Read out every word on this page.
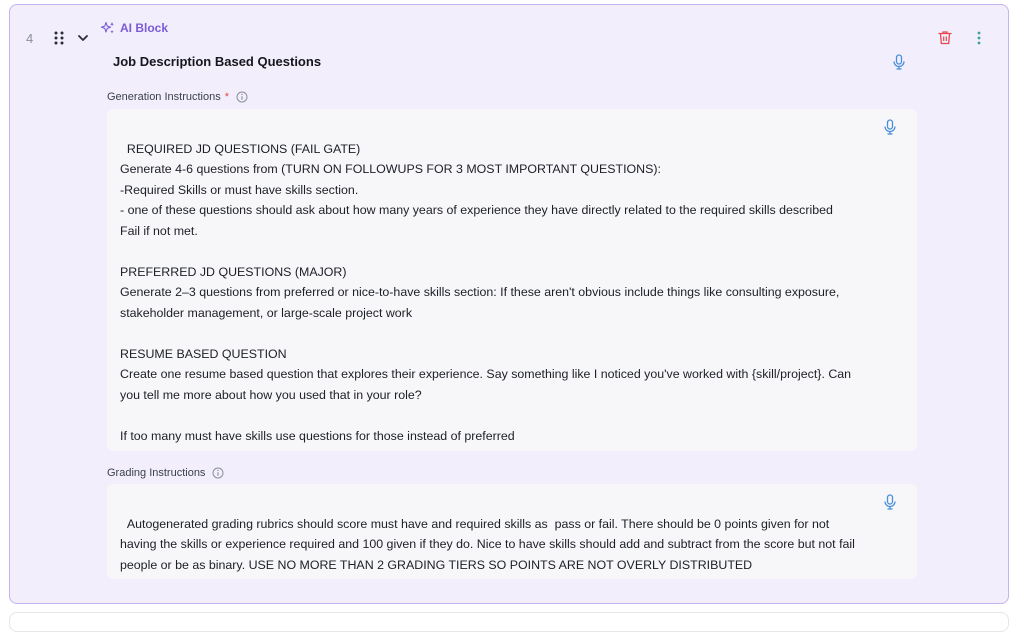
4
AI Block
Job Description Based Questions
Generation Instructions *

REQUIRED JD QUESTIONS (FAIL GATE)
Generate 4-6 questions from (TURN ON FOLLOWUPS FOR 3 MOST IMPORTANT QUESTIONS):
-Required Skills or must have skills section.
- one of these questions should ask about how many years of experience they have directly related to the required skills described
Fail if not met.

PREFERRED JD QUESTIONS (MAJOR)
Generate 2–3 questions from preferred or nice-to-have skills section: If these aren't obvious include things like consulting exposure, stakeholder management, or large-scale project work

RESUME BASED QUESTION
Create one resume based question that explores their experience. Say something like I noticed you've worked with {skill/project}. Can you tell me more about how you used that in your role?

If too many must have skills use questions for those instead of preferred

Grading Instructions

Autogenerated grading rubrics should score must have and required skills as  pass or fail. There should be 0 points given for not having the skills or experience required and 100 given if they do. Nice to have skills should add and subtract from the score but not fail people or be as binary. USE NO MORE THAN 2 GRADING TIERS SO POINTS ARE NOT OVERLY DISTRIBUTED
